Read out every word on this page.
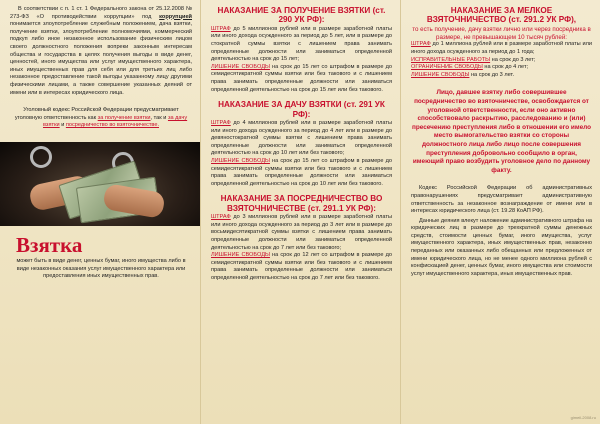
В соответствии с п. 1 ст. 1 Федерального закона от 25.12.2008 № 273-ФЗ «О противодействии коррупции» под коррупцией понимается злоупотребление служебным положением, дача взятки, получение взятки, злоупотребление полномочиями, коммерческий подкуп либо иное незаконное использование физическим лицом своего должностного положения вопреки законным интересам общества и государства в целях получения выгоды в виде денег, ценностей, иного имущества или услуг имущественного характера, иных имущественных прав для себя или для третьих лиц либо незаконное предоставление такой выгоды указанному лицу другими физическими лицами, а также совершение указанных деяний от имени или в интересах юридического лица.
Уголовный кодекс Российской Федерации предусматривает уголовную ответственность как за получение взятки, так и за дачу взятки и посредничество во взяточничестве.
Взятка
может быть в виде денег, ценных бумаг, иного имущества либо в виде незаконных оказания услуг имущественного характера или предоставления иных имущественных прав.
НАКАЗАНИЕ ЗА ПОЛУЧЕНИЕ ВЗЯТКИ (ст. 290 УК РФ):
ШТРАФ до 5 миллионов рублей или в размере заработной платы или иного дохода осужденного за период до 5 лет, или в размере до стократной суммы взятки с лишением права занимать определенные должности или заниматься определенной деятельностью на срок до 15 лет;
ЛИШЕНИЕ СВОБОДЫ на срок до 15 лет со штрафом в размере до семидесятикратной суммы взятки или без такового и с лишением права занимать определенные должности или заниматься определенной деятельностью на срок до 15 лет или без такового.
НАКАЗАНИЕ ЗА ДАЧУ ВЗЯТКИ (ст. 291 УК РФ):
ШТРАФ до 4 миллионов рублей или в размере заработной платы или иного дохода осужденного за период до 4 лет или в размере до девяностократной суммы взятки с лишением права занимать определенные должности или заниматься определенной деятельностью на срок до 10 лет или без такового;
ЛИШЕНИЕ СВОБОДЫ на срок до 15 лет со штрафом в размере до семидесятикратной суммы взятки или без такового и с лишением права занимать определенные должности или заниматься определенной деятельностью на срок до 10 лет или без такового.
НАКАЗАНИЕ ЗА ПОСРЕДНИЧЕСТВО ВО ВЗЯТОЧНИЧЕСТВЕ (ст. 291.1 УК РФ):
ШТРАФ до 3 миллионов рублей или в размере заработной платы или иного дохода осужденного за период до 3 лет или в размере до восьмидесятикратной суммы взятки с лишением права занимать определенные должности или заниматься определенной деятельностью на срок до 7 лет или без такового;
ЛИШЕНИЕ СВОБОДЫ на срок до 12 лет со штрафом в размере до семидесятикратной суммы взятки или без такового и с лишением права занимать определенные должности или заниматься определенной деятельностью на срок до 7 лет или без такового.
НАКАЗАНИЕ ЗА МЕЛКОЕ ВЗЯТОЧНИЧЕСТВО (ст. 291.2 УК РФ),
то есть получение, дачу взятки лично или через посредника в размере, не превышающем 10 тысяч рублей:
ШТРАФ до 1 миллиона рублей или в размере заработной платы или иного дохода осужденного за период до 1 года;
ИСПРАВИТЕЛЬНЫЕ РАБОТЫ на срок до 3 лет;
ОГРАНИЧЕНИЕ СВОБОДЫ на срок до 4 лет;
ЛИШЕНИЕ СВОБОДЫ на срок до 3 лет.
Лицо, давшее взятку либо совершившее посредничество во взяточничестве, освобождается от уголовной ответственности, если оно активно способствовало раскрытию, расследованию и (или) пресечению преступления либо в отношении его имело место вымогательство взятки со стороны должностного лица либо лицо после совершения преступления добровольно сообщило в орган, имеющий право возбудить уголовное дело по данному факту.
Кодекс Российской Федерации об административных правонарушениях предусматривает административную ответственность за незаконное вознаграждение от имени или в интересах юридического лица (ст. 19.28 КоАП РФ).
Данные деяния влекут наложение административного штрафа на юридических лиц в размере до трехкратной суммы денежных средств, стоимости ценных бумаг, иного имущества, услуг имущественного характера, иных имущественных прав, незаконно переданных или оказанных либо обещанных или предложенных от имени юридического лица, но не менее одного миллиона рублей с конфискацией денег, ценных бумаг, иного имущества или стоимости услуг имущественного характера, иных имущественных прав.
gimeil-2008.ru
